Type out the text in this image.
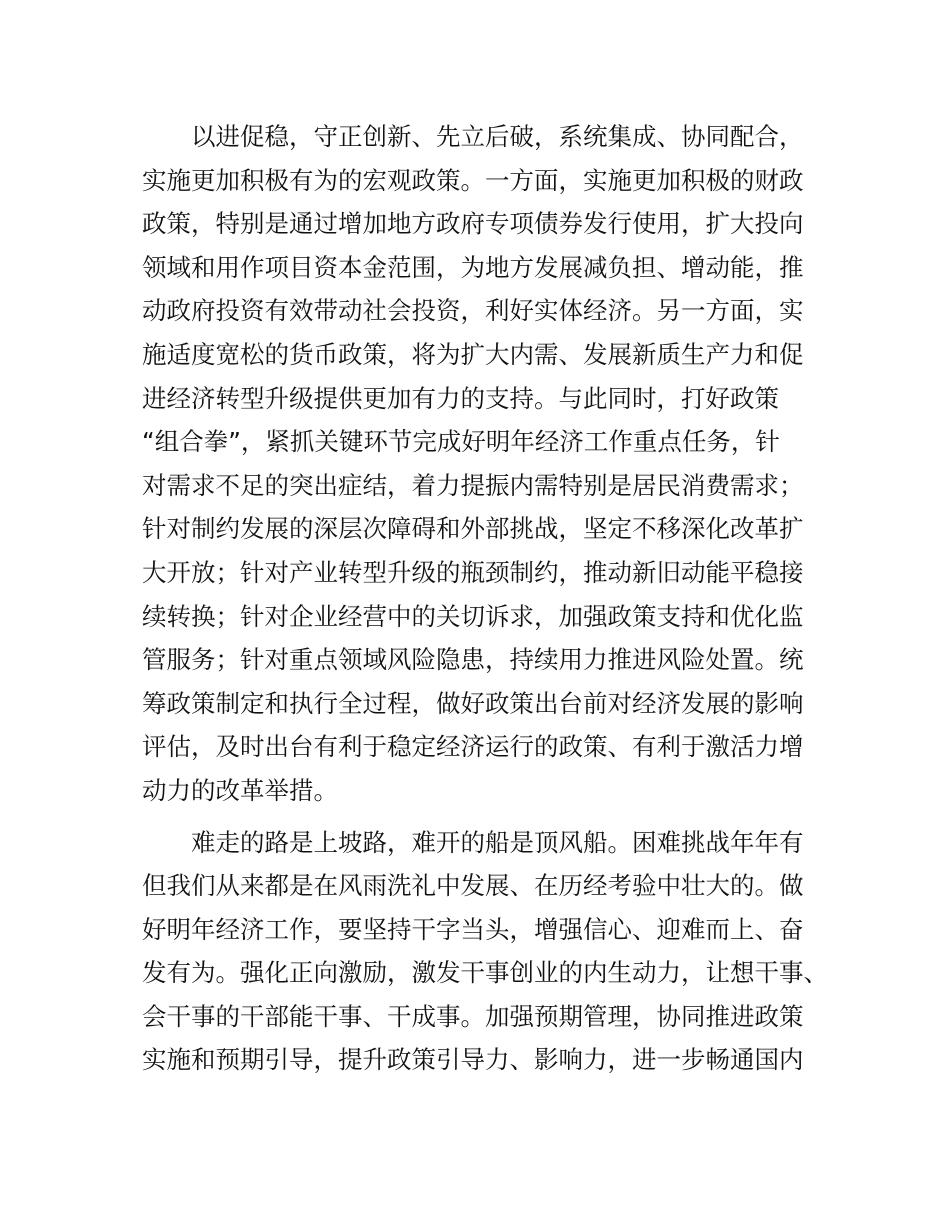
以进促稳，守正创新、先立后破，系统集成、协同配合，
实施更加积极有为的宏观政策。一方面，实施更加积极的财政
政策，特别是通过增加地方政府专项债券发行使用，扩大投向
领域和用作项目资本金范围，为地方发展减负担、增动能，推
动政府投资有效带动社会投资，利好实体经济。另一方面，实
施适度宽松的货币政策，将为扩大内需、发展新质生产力和促
进经济转型升级提供更加有力的支持。与此同时，打好政策
“组合拳”，紧抓关键环节完成好明年经济工作重点任务，针
对需求不足的突出症结，着力提振内需特别是居民消费需求；
针对制约发展的深层次障碍和外部挑战，坚定不移深化改革扩
大开放；针对产业转型升级的瓶颈制约，推动新旧动能平稳接
续转换；针对企业经营中的关切诉求，加强政策支持和优化监
管服务；针对重点领域风险隐患，持续用力推进风险处置。统
筹政策制定和执行全过程，做好政策出台前对经济发展的影响
评估，及时出台有利于稳定经济运行的政策、有利于激活力增
动力的改革举措。
难走的路是上坡路，难开的船是顶风船。困难挑战年年有
但我们从来都是在风雨洗礼中发展、在历经考验中壮大的。做
好明年经济工作，要坚持干字当头，增强信心、迎难而上、奋
发有为。强化正向激励，激发干事创业的内生动力，让想干事、
会干事的干部能干事、干成事。加强预期管理，协同推进政策
实施和预期引导，提升政策引导力、影响力，进一步畅通国内
